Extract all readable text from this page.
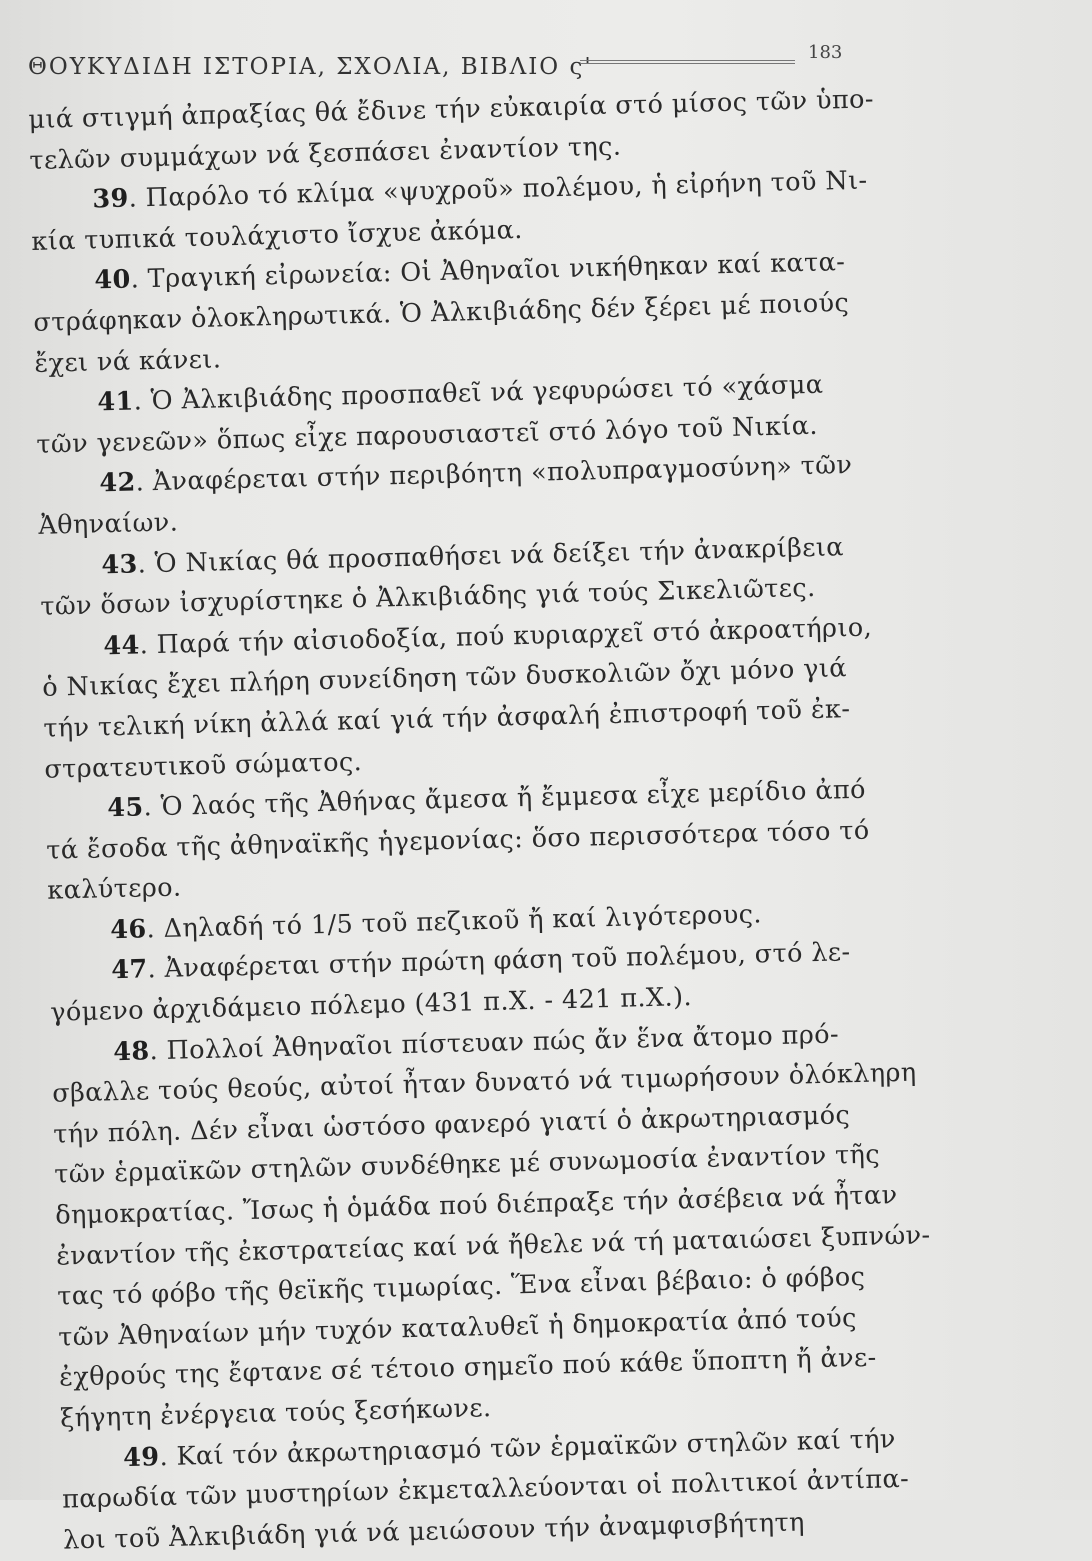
ΘΟΥΚΥΔΙΔΗ ΙΣΤΟΡΙΑ, ΣΧΟΛΙΑ, ΒΙΒΛΙΟ ς'
183
μιά στιγμή ἀπραξίας θά ἔδινε τήν εὐκαιρία στό μίσος τῶν ὑπο-
τελῶν συμμάχων νά ξεσπάσει ἐναντίον της.
39. Παρόλο τό κλίμα «ψυχροῦ» πολέμου, ἡ εἰρήνη τοῦ Νι-
κία τυπικά τουλάχιστο ἴσχυε ἀκόμα.
40. Τραγική εἰρωνεία: Οἱ Ἀθηναῖοι νικήθηκαν καί κατα-
στράφηκαν ὁλοκληρωτικά. Ὁ Ἀλκιβιάδης δέν ξέρει μέ ποιούς
ἔχει νά κάνει.
41. Ὁ Ἀλκιβιάδης προσπαθεῖ νά γεφυρώσει τό «χάσμα
τῶν γενεῶν» ὅπως εἶχε παρουσιαστεῖ στό λόγο τοῦ Νικία.
42. Ἀναφέρεται στήν περιβόητη «πολυπραγμοσύνη» τῶν
Ἀθηναίων.
43. Ὁ Νικίας θά προσπαθήσει νά δείξει τήν ἀνακρίβεια
τῶν ὅσων ἰσχυρίστηκε ὁ Ἀλκιβιάδης γιά τούς Σικελιῶτες.
44. Παρά τήν αἰσιοδοξία, πού κυριαρχεῖ στό ἀκροατήριο,
ὁ Νικίας ἔχει πλήρη συνείδηση τῶν δυσκολιῶν ὄχι μόνο γιά
τήν τελική νίκη ἀλλά καί γιά τήν ἀσφαλή ἐπιστροφή τοῦ ἐκ-
στρατευτικοῦ σώματος.
45. Ὁ λαός τῆς Ἀθήνας ἄμεσα ἤ ἔμμεσα εἶχε μερίδιο ἀπό
τά ἔσοδα τῆς ἀθηναϊκῆς ἡγεμονίας: ὅσο περισσότερα τόσο τό
καλύτερο.
46. Δηλαδή τό 1/5 τοῦ πεζικοῦ ἤ καί λιγότερους.
47. Ἀναφέρεται στήν πρώτη φάση τοῦ πολέμου, στό λε-
γόμενο ἀρχιδάμειο πόλεμο (431 π.Χ. - 421 π.Χ.).
48. Πολλοί Ἀθηναῖοι πίστευαν πώς ἄν ἕνα ἄτομο πρό-
σβαλλε τούς θεούς, αὐτοί ἦταν δυνατό νά τιμωρήσουν ὁλόκληρη
τήν πόλη. Δέν εἶναι ὡστόσο φανερό γιατί ὁ ἀκρωτηριασμός
τῶν ἑρμαϊκῶν στηλῶν συνδέθηκε μέ συνωμοσία ἐναντίον τῆς
δημοκρατίας. Ἴσως ἡ ὁμάδα πού διέπραξε τήν ἀσέβεια νά ἦταν
ἐναντίον τῆς ἐκστρατείας καί νά ἤθελε νά τή ματαιώσει ξυπνών-
τας τό φόβο τῆς θεϊκῆς τιμωρίας. Ἕνα εἶναι βέβαιο: ὁ φόβος
τῶν Ἀθηναίων μήν τυχόν καταλυθεῖ ἡ δημοκρατία ἀπό τούς
ἐχθρούς της ἔφτανε σέ τέτοιο σημεῖο πού κάθε ὕποπτη ἤ ἀνε-
ξήγητη ἐνέργεια τούς ξεσήκωνε.
49. Καί τόν ἀκρωτηριασμό τῶν ἑρμαϊκῶν στηλῶν καί τήν
παρωδία τῶν μυστηρίων ἐκμεταλλεύονται οἱ πολιτικοί ἀντίπα-
λοι τοῦ Ἀλκιβιάδη γιά νά μειώσουν τήν ἀναμφισβήτητη
